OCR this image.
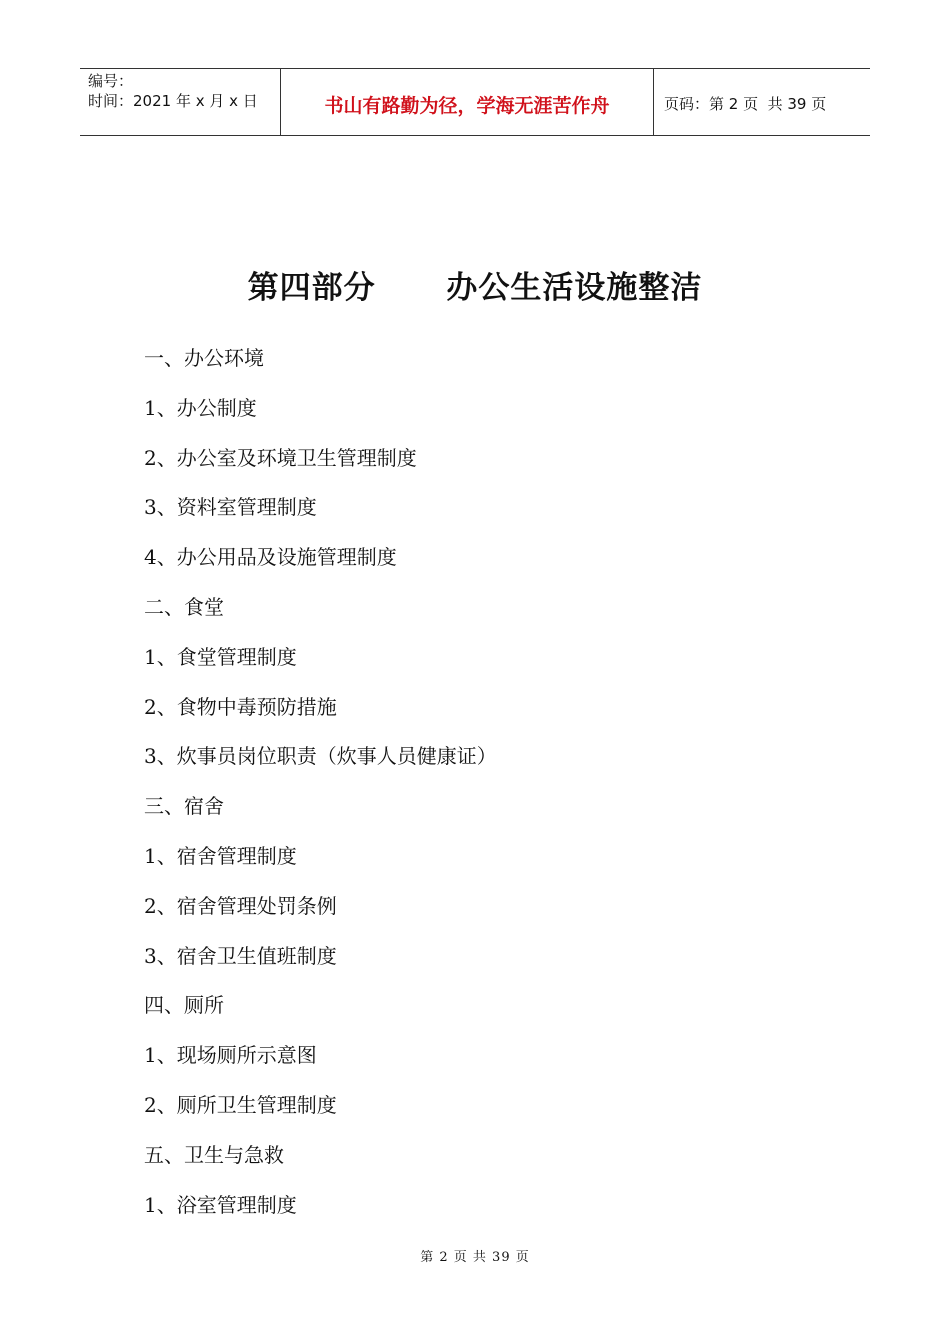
编号：
时间：2021 年 x 月 x 日	书山有路勤为径，学海无涯苦作舟	页码：第 2 页  共 39 页
第四部分      办公生活设施整洁
一、办公环境
1、办公制度
2、办公室及环境卫生管理制度
3、资料室管理制度
4、办公用品及设施管理制度
二、食堂
1、食堂管理制度
2、食物中毒预防措施
3、炊事员岗位职责（炊事人员健康证）
三、宿舍
1、宿舍管理制度
2、宿舍管理处罚条例
3、宿舍卫生值班制度
四、厕所
1、现场厕所示意图
2、厕所卫生管理制度
五、卫生与急救
1、浴室管理制度
第 2 页 共 39 页
